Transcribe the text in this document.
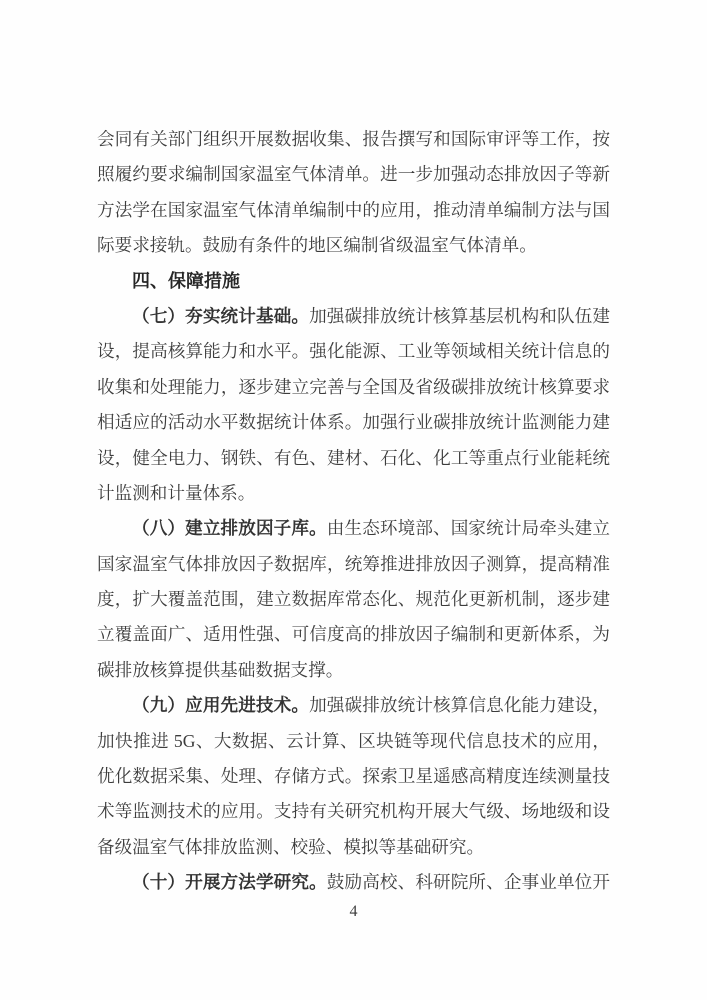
会同有关部门组织开展数据收集、报告撰写和国际审评等工作，按
照履约要求编制国家温室气体清单。进一步加强动态排放因子等新
方法学在国家温室气体清单编制中的应用，推动清单编制方法与国
际要求接轨。鼓励有条件的地区编制省级温室气体清单。
四、保障措施
（七）夯实统计基础。加强碳排放统计核算基层机构和队伍建
设，提高核算能力和水平。强化能源、工业等领域相关统计信息的
收集和处理能力，逐步建立完善与全国及省级碳排放统计核算要求
相适应的活动水平数据统计体系。加强行业碳排放统计监测能力建
设，健全电力、钢铁、有色、建材、石化、化工等重点行业能耗统
计监测和计量体系。
（八）建立排放因子库。由生态环境部、国家统计局牵头建立
国家温室气体排放因子数据库，统筹推进排放因子测算，提高精准
度，扩大覆盖范围，建立数据库常态化、规范化更新机制，逐步建
立覆盖面广、适用性强、可信度高的排放因子编制和更新体系，为
碳排放核算提供基础数据支撑。
（九）应用先进技术。加强碳排放统计核算信息化能力建设，
加快推进 5G、大数据、云计算、区块链等现代信息技术的应用，
优化数据采集、处理、存储方式。探索卫星遥感高精度连续测量技
术等监测技术的应用。支持有关研究机构开展大气级、场地级和设
备级温室气体排放监测、校验、模拟等基础研究。
（十）开展方法学研究。鼓励高校、科研院所、企事业单位开
4
